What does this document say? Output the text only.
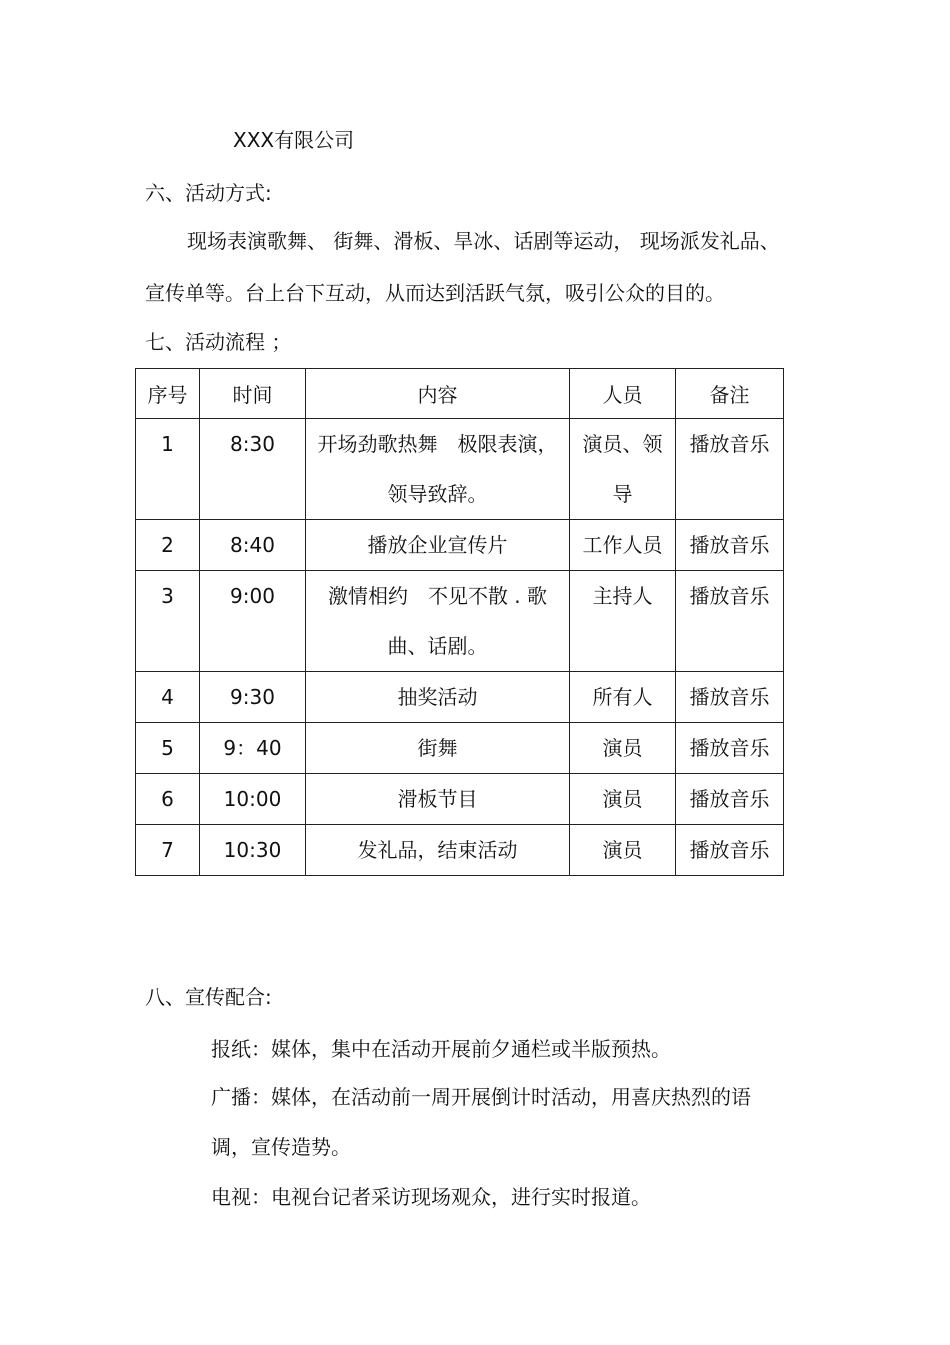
XXX有限公司
六、活动方式:
现场表演歌舞、 街舞、滑板、旱冰、话剧等运动， 现场派发礼品、
宣传单等。台上台下互动，从而达到活跃气氛，吸引公众的目的。
七、活动流程 ；
序号	时间	内容	人员	备注

1	8:30	开场劲歌热舞　极限表演，领导致辞。	演员、领导	播放音乐

2	8:40	播放企业宣传片	工作人员	播放音乐

3	9:00	激情相约　不见不散 . 歌曲、话剧。	主持人	播放音乐

4	9:30	抽奖活动	所有人	播放音乐

5	9：40	街舞	演员	播放音乐

6	10:00	滑板节目	演员	播放音乐

7	10:30	发礼品，结束活动	演员	播放音乐
八、宣传配合:
报纸：媒体，集中在活动开展前夕通栏或半版预热。
广播：媒体，在活动前一周开展倒计时活动，用喜庆热烈的语
调，宣传造势。
电视：电视台记者采访现场观众，进行实时报道。
